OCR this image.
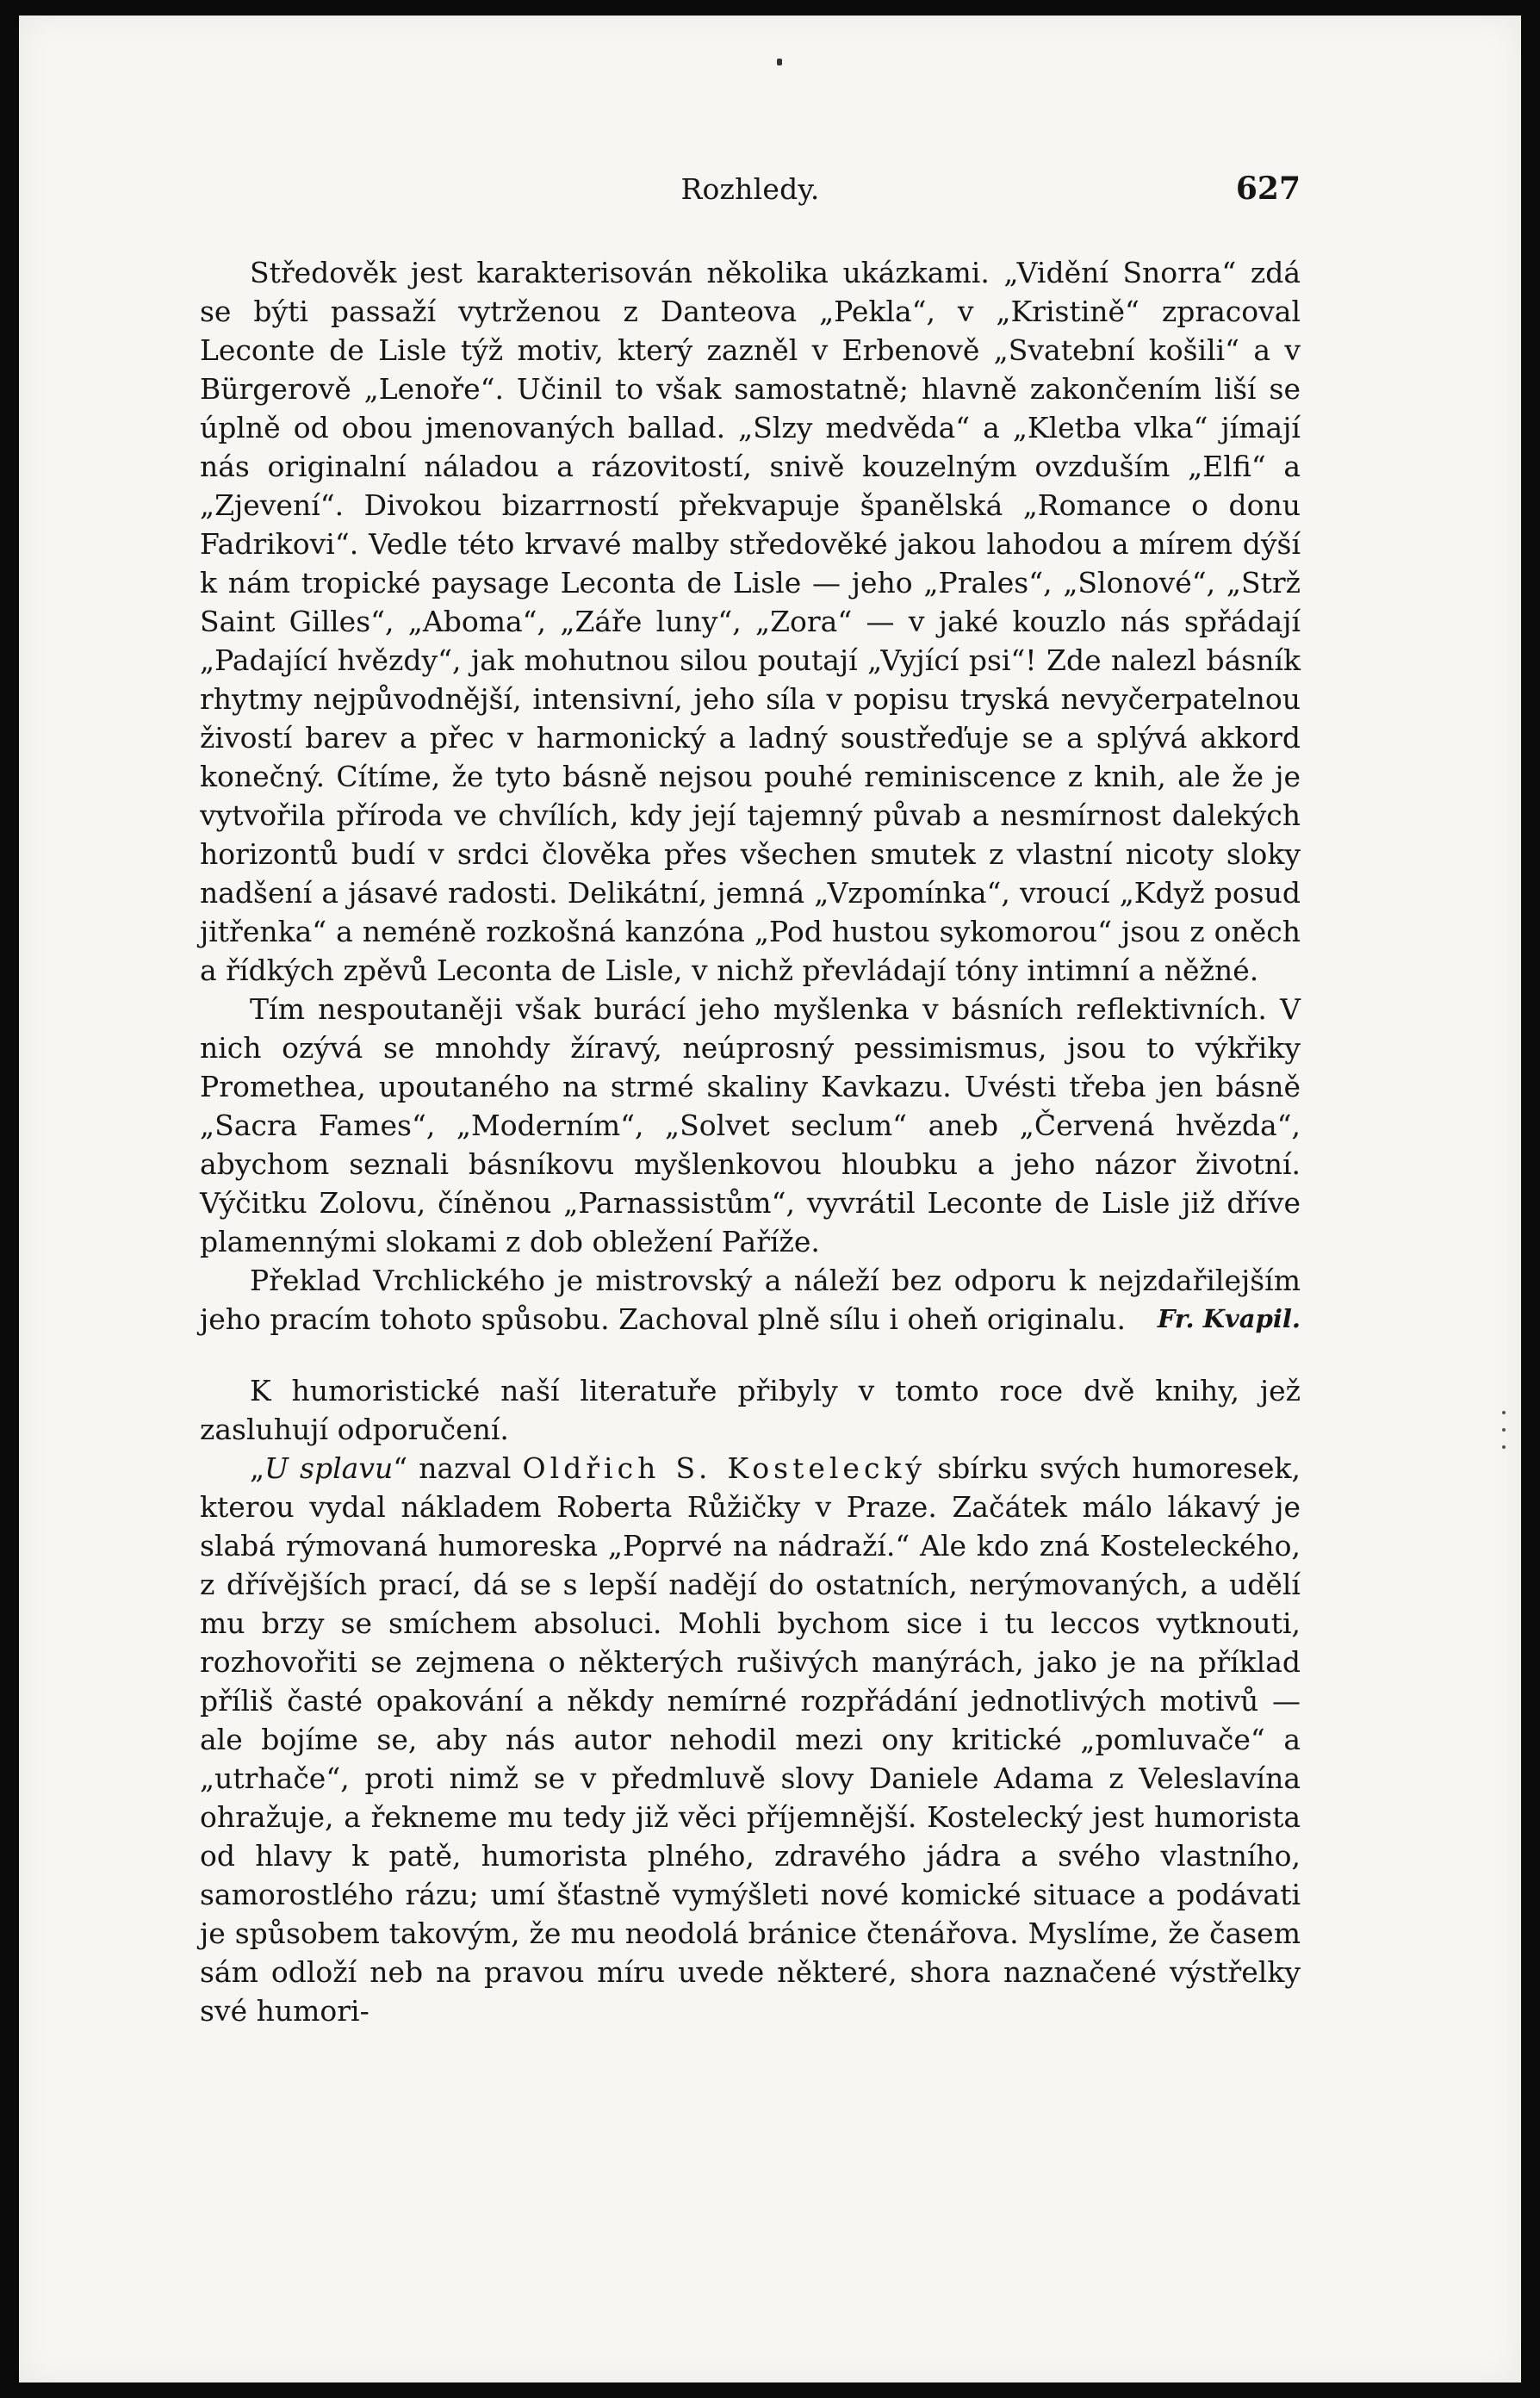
Rozhledy.	627

Středověk jest karakterisován několika ukázkami. „Vidění Snorra“ zdá se býti passaží vytrženou z Danteova „Pekla“, v „Kristině“ zpracoval Leconte de Lisle týž motiv, který zazněl v Erbenově „Svatební košili“ a v Bürgerově „Lenoře“. Učinil to však samostatně; hlavně zakončením liší se úplně od obou jmenovaných ballad. „Slzy medvěda“ a „Kletba vlka“ jímají nás originalní náladou a rázovitostí, snivě kouzelným ovzduším „Elfi“ a „Zjevení“. Divokou bizarrností překvapuje španělská „Romance o donu Fadrikovi“. Vedle této krvavé malby středověké jakou lahodou a mírem dýší k nám tropické paysage Leconta de Lisle — jeho „Prales“, „Slonové“, „Strž Saint Gilles“, „Aboma“, „Záře luny“, „Zora“ — v jaké kouzlo nás spřádají „Padající hvězdy“, jak mohutnou silou poutají „Vyjící psi“! Zde nalezl básník rhytmy nejpůvodnější, intensivní, jeho síla v popisu tryská nevyčerpatelnou živostí barev a přec v harmonický a ladný soustřeďuje se a splývá akkord konečný. Cítíme, že tyto básně nejsou pouhé reminiscence z knih, ale že je vytvořila příroda ve chvílích, kdy její tajemný půvab a nesmírnost dalekých horizontů budí v srdci člověka přes všechen smutek z vlastní nicoty sloky nadšení a jásavé radosti. Delikátní, jemná „Vzpomínka“, vroucí „Když posud jitřenka“ a neméně rozkošná kanzóna „Pod hustou sykomorou“ jsou z oněch a řídkých zpěvů Leconta de Lisle, v nichž převládají tóny intimní a něžné.

Tím nespoutaněji však burácí jeho myšlenka v básních reflektivních. V nich ozývá se mnohdy žíravý, neúprosný pessimismus, jsou to výkřiky Promethea, upoutaného na strmé skaliny Kavkazu. Uvésti třeba jen básně „Sacra Fames“, „Moderním“, „Solvet seclum“ aneb „Červená hvězda“, abychom seznali básníkovu myšlenkovou hloubku a jeho názor životní. Výčitku Zolovu, číněnou „Parnassistům“, vyvrátil Leconte de Lisle již dříve plamennými slokami z dob obležení Paříže.

Překlad Vrchlického je mistrovský a náleží bez odporu k nejzdařilejším jeho pracím tohoto spůsobu. Zachoval plně sílu i oheň originalu.	Fr. Kvapil.

K humoristické naší literatuře přibyly v tomto roce dvě knihy, jež zasluhují odporučení.

„U splavu“ nazval Oldřich S. Kostelecký sbírku svých humoresek, kterou vydal nákladem Roberta Růžičky v Praze. Začátek málo lákavý je slabá rýmovaná humoreska „Poprvé na nádraží.“ Ale kdo zná Kosteleckého, z dřívějších prací, dá se s lepší nadějí do ostatních, nerýmovaných, a udělí mu brzy se smíchem absoluci. Mohli bychom sice i tu leccos vytknouti, rozhovořiti se zejmena o některých rušivých manýrách, jako je na příklad příliš časté opakování a někdy nemírné rozpřádání jednotlivých motivů — ale bojíme se, aby nás autor nehodil mezi ony kritické „pomluvače“ a „utrhače“, proti nimž se v předmluvě slovy Daniele Adama z Veleslavína ohražuje, a řekneme mu tedy již věci příjemnější. Kostelecký jest humorista od hlavy k patě, humorista plného, zdravého jádra a svého vlastního, samorostlého rázu; umí šťastně vymýšleti nové komické situace a podávati je spůsobem takovým, že mu neodolá bránice čtenářova. Myslíme, že časem sám odloží neb na pravou míru uvede některé, shora naznačené výstřelky své humori-
